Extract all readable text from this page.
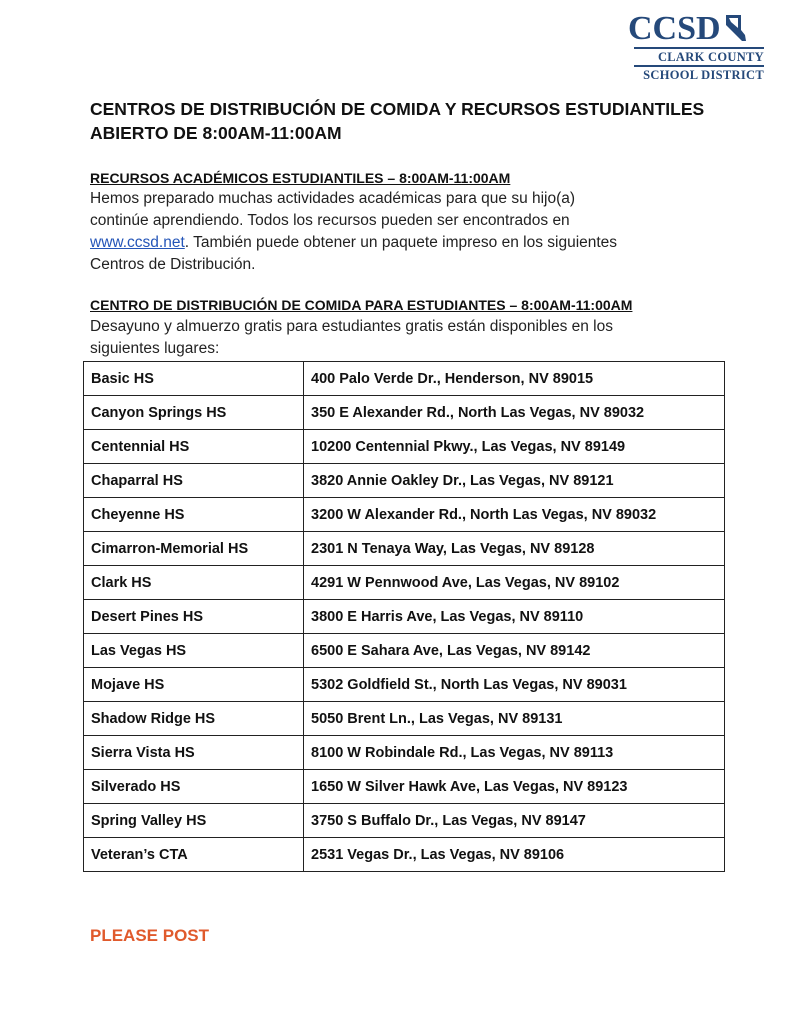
CCSD
CLARK COUNTY
SCHOOL DISTRICT
CENTROS DE DISTRIBUCIÓN DE COMIDA Y RECURSOS ESTUDIANTILES
ABIERTO DE 8:00AM-11:00AM
RECURSOS ACADÉMICOS ESTUDIANTILES – 8:00AM-11:00AM
Hemos preparado muchas actividades académicas para que su hijo(a)
continúe aprendiendo. Todos los recursos pueden ser encontrados en
www.ccsd.net. También puede obtener un paquete impreso en los siguientes
Centros de Distribución.
CENTRO DE DISTRIBUCIÓN DE COMIDA PARA ESTUDIANTES – 8:00AM-11:00AM
Desayuno y almuerzo gratis para estudiantes gratis están disponibles en los
siguientes lugares:
Basic HS	400 Palo Verde Dr., Henderson, NV 89015
Canyon Springs HS	350 E Alexander Rd., North Las Vegas, NV 89032
Centennial HS	10200 Centennial Pkwy., Las Vegas, NV 89149
Chaparral HS	3820 Annie Oakley Dr., Las Vegas, NV 89121
Cheyenne HS	3200 W Alexander Rd., North Las Vegas, NV 89032
Cimarron-Memorial HS	2301 N Tenaya Way, Las Vegas, NV 89128
Clark HS	4291 W Pennwood Ave, Las Vegas, NV 89102
Desert Pines HS	3800 E Harris Ave, Las Vegas, NV 89110
Las Vegas HS	6500 E Sahara Ave, Las Vegas, NV 89142
Mojave HS	5302 Goldfield St., North Las Vegas, NV 89031
Shadow Ridge HS	5050 Brent Ln., Las Vegas, NV 89131
Sierra Vista HS	8100 W Robindale Rd., Las Vegas, NV 89113
Silverado HS	1650 W Silver Hawk Ave, Las Vegas, NV 89123
Spring Valley HS	3750 S Buffalo Dr., Las Vegas, NV 89147
Veteran’s CTA	2531 Vegas Dr., Las Vegas, NV 89106
PLEASE POST
